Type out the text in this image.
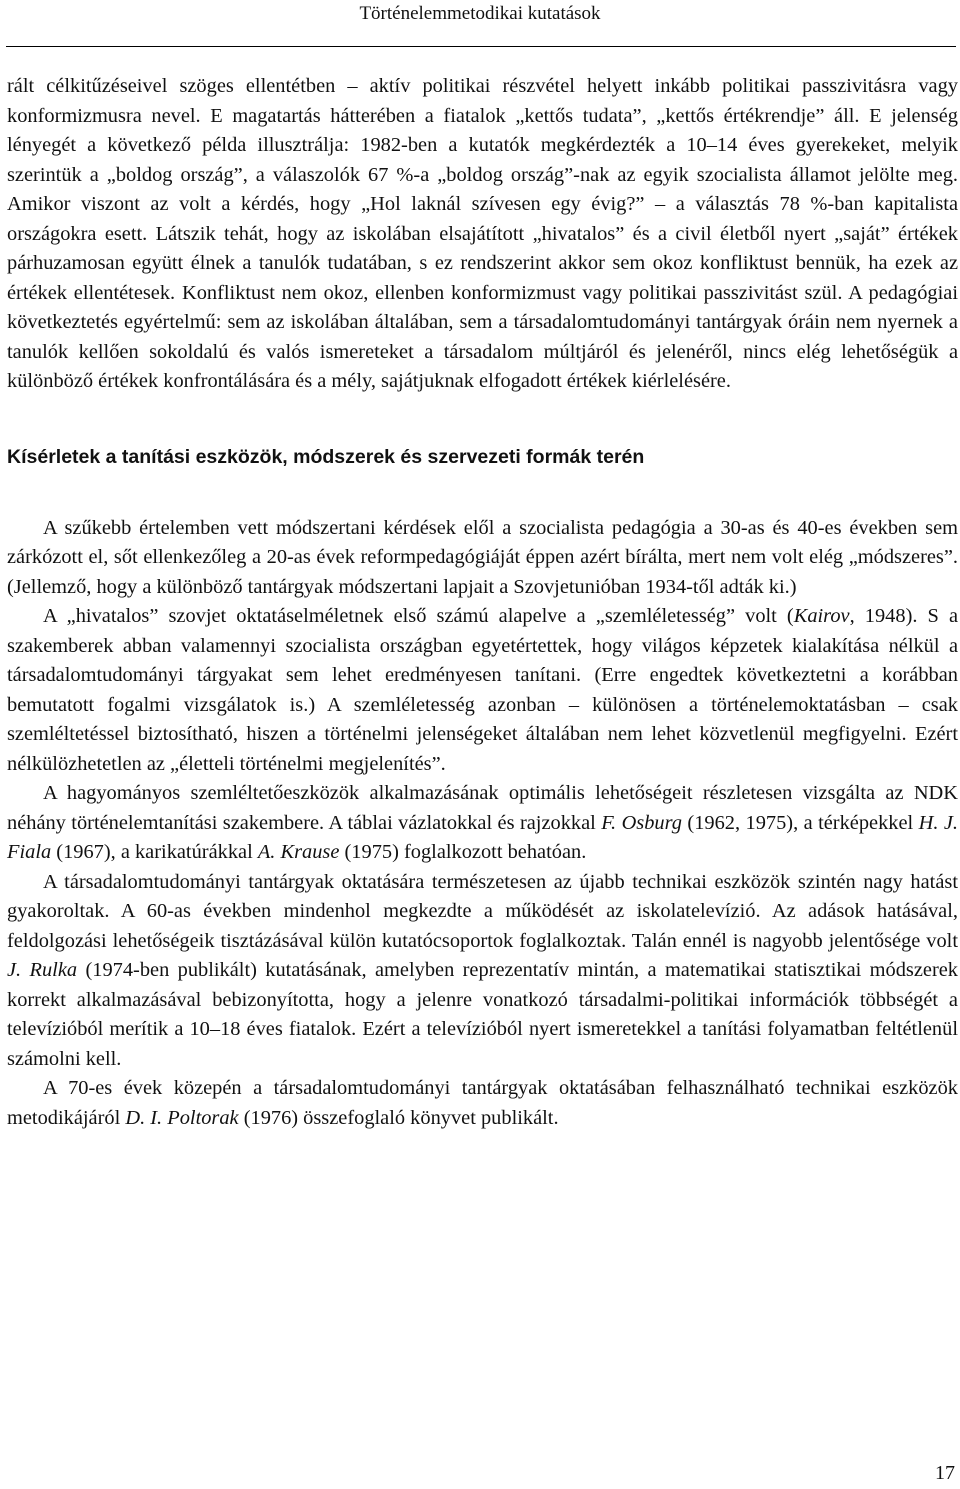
Történelemmetodikai kutatások

rált célkitűzéseivel szöges ellentétben – aktív politikai részvétel helyett inkább politikai passzivitásra vagy konformizmusra nevel. E magatartás hátterében a fiatalok „kettős tudata”, „kettős értékrendje” áll. E jelenség lényegét a következő példa illusztrálja: 1982-ben a kutatók megkérdezték a 10–14 éves gyerekeket, melyik szerintük a „boldog ország”, a válaszolók 67 %-a „boldog ország”-nak az egyik szocialista államot jelölte meg. Amikor viszont az volt a kérdés, hogy „Hol laknál szívesen egy évig?” – a választás 78 %-ban kapitalista országokra esett. Látszik tehát, hogy az iskolában elsajátított „hivatalos” és a civil életből nyert „saját” értékek párhuzamosan együtt élnek a tanulók tudatában, s ez rendszerint akkor sem okoz konfliktust bennük, ha ezek az értékek ellentétesek. Konfliktust nem okoz, ellenben konformizmust vagy politikai passzivitást szül. A pedagógiai következtetés egyértelmű: sem az iskolában általában, sem a társadalomtudományi tantárgyak óráin nem nyernek a tanulók kellően sokoldalú és valós ismereteket a társadalom múltjáról és jelenéről, nincs elég lehetőségük a különböző értékek konfrontálására és a mély, sajátjuknak elfogadott értékek kiérlelésére.

Kísérletek a tanítási eszközök, módszerek és szervezeti formák terén

A szűkebb értelemben vett módszertani kérdések elől a szocialista pedagógia a 30-as és 40-es években sem zárkózott el, sőt ellenkezőleg a 20-as évek reformpedagógiáját éppen azért bírálta, mert nem volt elég „módszeres”. (Jellemző, hogy a különböző tantárgyak módszertani lapjait a Szovjetunióban 1934-től adták ki.)

A „hivatalos” szovjet oktatáselméletnek első számú alapelve a „szemléletesség” volt (Kairov, 1948). S a szakemberek abban valamennyi szocialista országban egyetértettek, hogy világos képzetek kialakítása nélkül a társadalomtudományi tárgyakat sem lehet eredményesen tanítani. (Erre engedtek következtetni a korábban bemutatott fogalmi vizsgálatok is.) A szemléletesség azonban – különösen a történelemoktatásban – csak szemléltetéssel biztosítható, hiszen a történelmi jelenségeket általában nem lehet közvetlenül megfigyelni. Ezért nélkülözhetetlen az „életteli történelmi megjelenítés”.

A hagyományos szemléltetőeszközök alkalmazásának optimális lehetőségeit részletesen vizsgálta az NDK néhány történelemtanítási szakembere. A táblai vázlatokkal és rajzokkal F. Osburg (1962, 1975), a térképekkel H. J. Fiala (1967), a karikatúrákkal A. Krause (1975) foglalkozott behatóan.

A társadalomtudományi tantárgyak oktatására természetesen az újabb technikai eszközök szintén nagy hatást gyakoroltak. A 60-as években mindenhol megkezdte a működését az iskolatelevízió. Az adások hatásával, feldolgozási lehetőségeik tisztázásával külön kutatócsoportok foglalkoztak. Talán ennél is nagyobb jelentősége volt J. Rulka (1974-ben publikált) kutatásának, amelyben reprezentatív mintán, a matematikai statisztikai módszerek korrekt alkalmazásával bebizonyította, hogy a jelenre vonatkozó társadalmi-politikai információk többségét a televízióból merítik a 10–18 éves fiatalok. Ezért a televízióból nyert ismeretekkel a tanítási folyamatban feltétlenül számolni kell.

A 70-es évek közepén a társadalomtudományi tantárgyak oktatásában felhasználható technikai eszközök metodikájáról D. I. Poltorak (1976) összefoglaló könyvet publikált.

17
